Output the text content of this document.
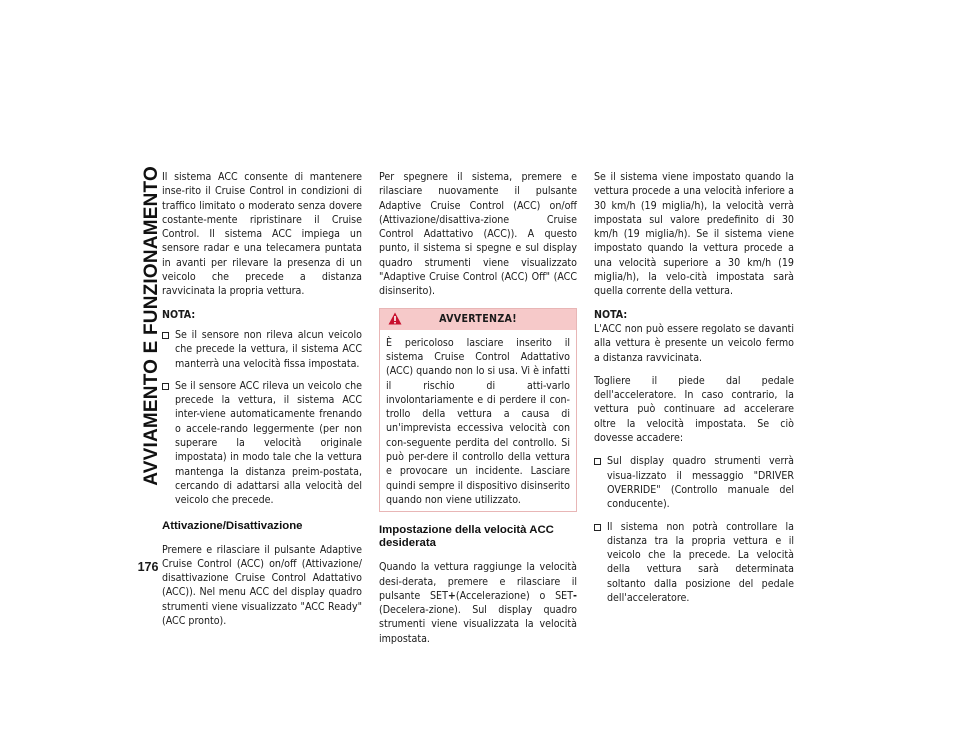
AVVIAMENTO E FUNZIONAMENTO
176

Il sistema ACC consente di mantenere inse-rito il Cruise Control in condizioni di traffico limitato o moderato senza dovere costante-mente ripristinare il Cruise Control. Il sistema ACC impiega un sensore radar e una telecamera puntata in avanti per rilevare la presenza di un veicolo che precede a distanza ravvicinata la propria vettura.

NOTA:
Se il sensore non rileva alcun veicolo che precede la vettura, il sistema ACC manterrà una velocità fissa impostata.
Se il sensore ACC rileva un veicolo che precede la vettura, il sistema ACC inter-viene automaticamente frenando o accele-rando leggermente (per non superare la velocità originale impostata) in modo tale che la vettura mantenga la distanza preim-postata, cercando di adattarsi alla velocità del veicolo che precede.
Attivazione/Disattivazione

Premere e rilasciare il pulsante Adaptive Cruise Control (ACC) on/off (Attivazione/ disattivazione Cruise Control Adattativo (ACC)). Nel menu ACC del display quadro strumenti viene visualizzato "ACC Ready" (ACC pronto).

Per spegnere il sistema, premere e rilasciare nuovamente il pulsante Adaptive Cruise Control (ACC) on/off (Attivazione/disattiva-zione Cruise Control Adattativo (ACC)). A questo punto, il sistema si spegne e sul display quadro strumenti viene visualizzato "Adaptive Cruise Control (ACC) Off" (ACC disinserito).

AVVERTENZA!

È pericoloso lasciare inserito il sistema Cruise Control Adattativo (ACC) quando non lo si usa. Vi è infatti il rischio di atti-varlo involontariamente e di perdere il con-trollo della vettura a causa di un'imprevista eccessiva velocità con con-seguente perdita del controllo. Si può per-dere il controllo della vettura e provocare un incidente. Lasciare quindi sempre il dispositivo disinserito quando non viene utilizzato.

Impostazione della velocità ACC
desiderata

Quando la vettura raggiunge la velocità desi-derata, premere e rilasciare il pulsante SET+(Accelerazione) o SET- (Decelera-zione). Sul display quadro strumenti viene visualizzata la velocità impostata.

Se il sistema viene impostato quando la vettura procede a una velocità inferiore a 30 km/h (19 miglia/h), la velocità verrà impostata sul valore predefinito di 30 km/h (19 miglia/h). Se il sistema viene impostato quando la vettura procede a una velocità superiore a 30 km/h (19 miglia/h), la velo-cità impostata sarà quella corrente della vettura.

NOTA:

L'ACC non può essere regolato se davanti alla vettura è presente un veicolo fermo a distanza ravvicinata.

Togliere il piede dal pedale dell'acceleratore. In caso contrario, la vettura può continuare ad accelerare oltre la velocità impostata. Se ciò dovesse accadere:

Sul display quadro strumenti verrà visua-lizzato il messaggio "DRIVER OVERRIDE" (Controllo manuale del conducente).
Il sistema non potrà controllare la distanza tra la propria vettura e il veicolo che la precede. La velocità della vettura sarà determinata soltanto dalla posizione del pedale dell'acceleratore.
